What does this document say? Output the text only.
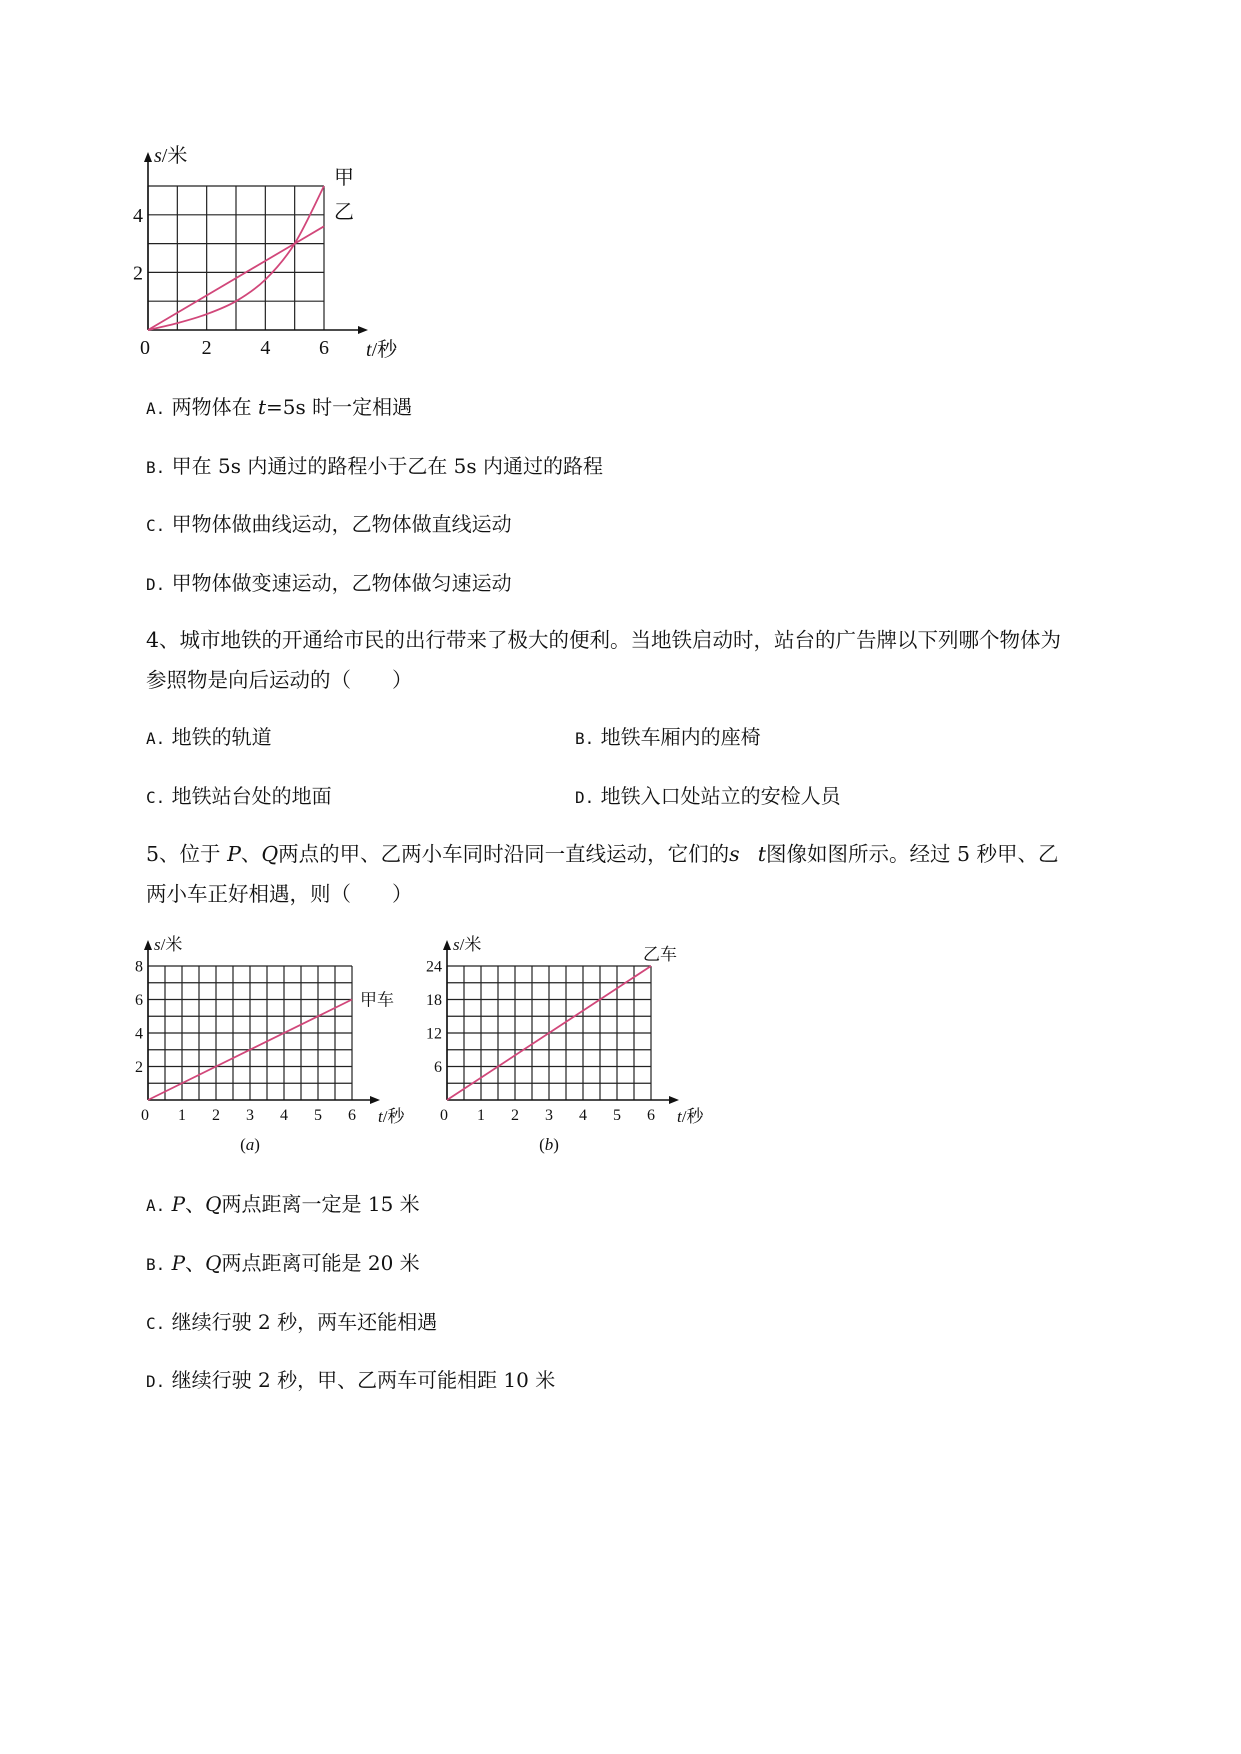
0	2 4 6
2
4
t/秒
s/米
甲
乙
A. 两物体在 t=5s 时一定相遇
B. 甲在 5s 内通过的路程小于乙在 5s 内通过的路程
C. 甲物体做曲线运动，乙物体做直线运动
D. 甲物体做变速运动，乙物体做匀速运动
4、城市地铁的开通给市民的出行带来了极大的便利。当地铁启动时，站台的广告牌以下列哪个物体为
参照物是向后运动的（　　）
A. 地铁的轨道	B. 地铁车厢内的座椅
C. 地铁站台处的地面	D. 地铁入口处站立的安检人员
5、位于 P、Q两点的甲、乙两小车同时沿同一直线运动，它们的s t图像如图所示。经过 5 秒甲、乙
两小车正好相遇，则（　　）
0 1 2 3 4 5 6
2
4
6
8
t/秒
s/米
甲车
(a)
0 1 2 3 4 5 6
6
12
18
24
t/秒
s/米
乙车
(b)
A. P、Q两点距离一定是 15 米
B. P、Q两点距离可能是 20 米
C. 继续行驶 2 秒，两车还能相遇
D. 继续行驶 2 秒，甲、乙两车可能相距 10 米
